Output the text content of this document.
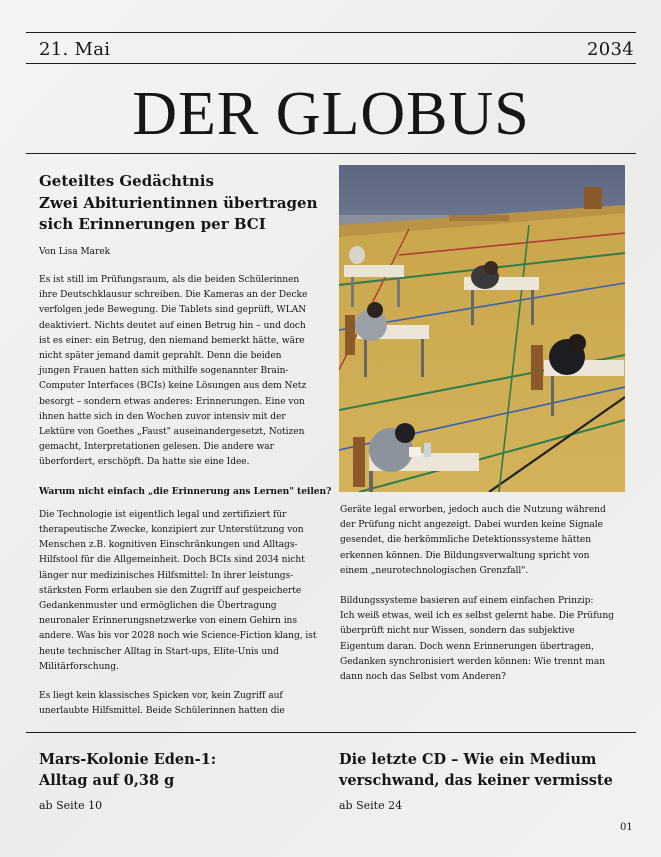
21. Mai	2034
DER GLOBUS
Geteiltes Gedächtnis
Zwei Abiturientinnen übertragen
sich Erinnerungen per BCI
Von Lisa Marek

Es ist still im Prüfungsraum, als die beiden Schülerinnen
ihre Deutschklausur schreiben. Die Kameras an der Decke
verfolgen jede Bewegung. Die Tablets sind geprüft, WLAN
deaktiviert. Nichts deutet auf einen Betrug hin – und doch
ist es einer: ein Betrug, den niemand bemerkt hätte, wäre
nicht später jemand damit geprahlt. Denn die beiden
jungen Frauen hatten sich mithilfe sogenannter Brain-
Computer Interfaces (BCIs) keine Lösungen aus dem Netz
besorgt – sondern etwas anderes: Erinnerungen. Eine von
ihnen hatte sich in den Wochen zuvor intensiv mit der
Lektüre von Goethes „Faust" auseinandergesetzt, Notizen
gemacht, Interpretationen gelesen. Die andere war
überfordert, erschöpft. Da hatte sie eine Idee.

Warum nicht einfach „die Erinnerung ans Lernen" teilen?

Die Technologie ist eigentlich legal und zertifiziert für
therapeutische Zwecke, konzipiert zur Unterstützung von
Menschen z.B. kognitiven Einschränkungen und Alltags-
Hilfstool für die Allgemeinheit. Doch BCIs sind 2034 nicht
länger nur medizinisches Hilfsmittel: In ihrer leistungs-
stärksten Form erlauben sie den Zugriff auf gespeicherte
Gedankenmuster und ermöglichen die Übertragung
neuronaler Erinnerungsnetzwerke von einem Gehirn ins
andere. Was bis vor 2028 noch wie Science-Fiction klang, ist
heute technischer Alltag in Start-ups, Elite-Unis und
Militärforschung.

Es liegt kein klassisches Spicken vor, kein Zugriff auf
unerlaubte Hilfsmittel. Beide Schülerinnen hatten die

Geräte legal erworben, jedoch auch die Nutzung während
der Prüfung nicht angezeigt. Dabei wurden keine Signale
gesendet, die herkömmliche Detektionssysteme hätten
erkennen können. Die Bildungsverwaltung spricht von
einem „neurotechnologischen Grenzfall".

Bildungssysteme basieren auf einem einfachen Prinzip:
Ich weiß etwas, weil ich es selbst gelernt habe. Die Prüfung
überprüft nicht nur Wissen, sondern das subjektive
Eigentum daran. Doch wenn Erinnerungen übertragen,
Gedanken synchronisiert werden können: Wie trennt man
dann noch das Selbst vom Anderen?

Mars-Kolonie Eden-1:
Alltag auf 0,38 g
ab Seite 10
Die letzte CD – Wie ein Medium
verschwand, das keiner vermisste
ab Seite 24
01
